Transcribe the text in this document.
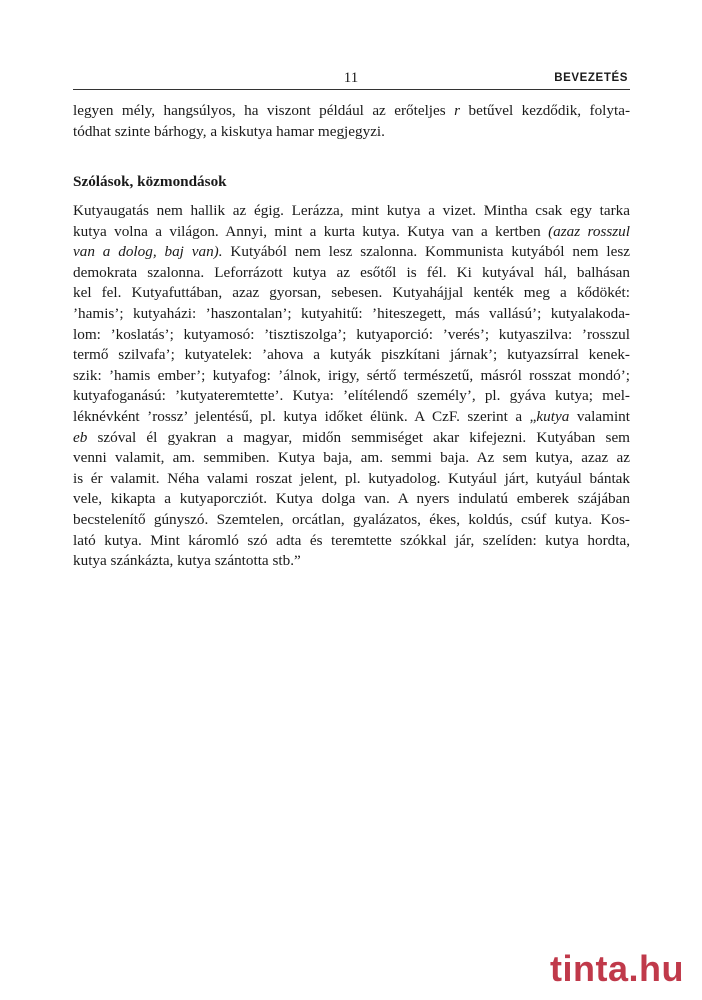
11	BEVEZETÉS
legyen mély, hangsúlyos, ha viszont például az erőteljes r betűvel kezdődik, folyta-
tódhat szinte bárhogy, a kiskutya hamar megjegyzi.
Szólások, közmondások
Kutyaugatás nem hallik az égig. Lerázza, mint kutya a vizet. Mintha csak egy tarka
kutya volna a világon. Annyi, mint a kurta kutya. Kutya van a kertben (azaz rosszul
van a dolog, baj van). Kutyából nem lesz szalonna. Kommunista kutyából nem lesz
demokrata szalonna. Leforrázott kutya az esőtől is fél. Ki kutyával hál, balhásan
kel fel. Kutyafuttában, azaz gyorsan, sebesen. Kutyahájjal kenték meg a kődökét:
’hamis’; kutyaházi: ’haszontalan’; kutyahitű: ’hiteszegett, más vallású’; kutyalakoda-
lom: ’koslatás’; kutyamosó: ’tisztiszolga’; kutyaporció: ’verés’; kutyaszilva: ’rosszul
termő szilvafa’; kutyatelek: ’ahova a kutyák piszkítani járnak’; kutyazsírral kenek-
szik: ’hamis ember’; kutyafog: ’álnok, irigy, sértő természetű, másról rosszat mondó’;
kutyafoganású: ’kutyateremtette’. Kutya: ’elítélendő személy’, pl. gyáva kutya; mel-
léknévként ’rossz’ jelentésű, pl. kutya időket élünk. A CzF. szerint a „kutya valamint
eb szóval él gyakran a magyar, midőn semmiséget akar kifejezni. Kutyában sem
venni valamit, am. semmiben. Kutya baja, am. semmi baja. Az sem kutya, azaz az
is ér valamit. Néha valami roszat jelent, pl. kutyadolog. Kutyául járt, kutyául bántak
vele, kikapta a kutyaporcziót. Kutya dolga van. A nyers indulatú emberek szájában
becstelenítő gúnyszó. Szemtelen, orcátlan, gyalázatos, ékes, koldús, csúf kutya. Kos-
lató kutya. Mint káromló szó adta és teremtette szókkal jár, szelíden: kutya hordta,
kutya szánkázta, kutya szántotta stb.”
tinta.hu
